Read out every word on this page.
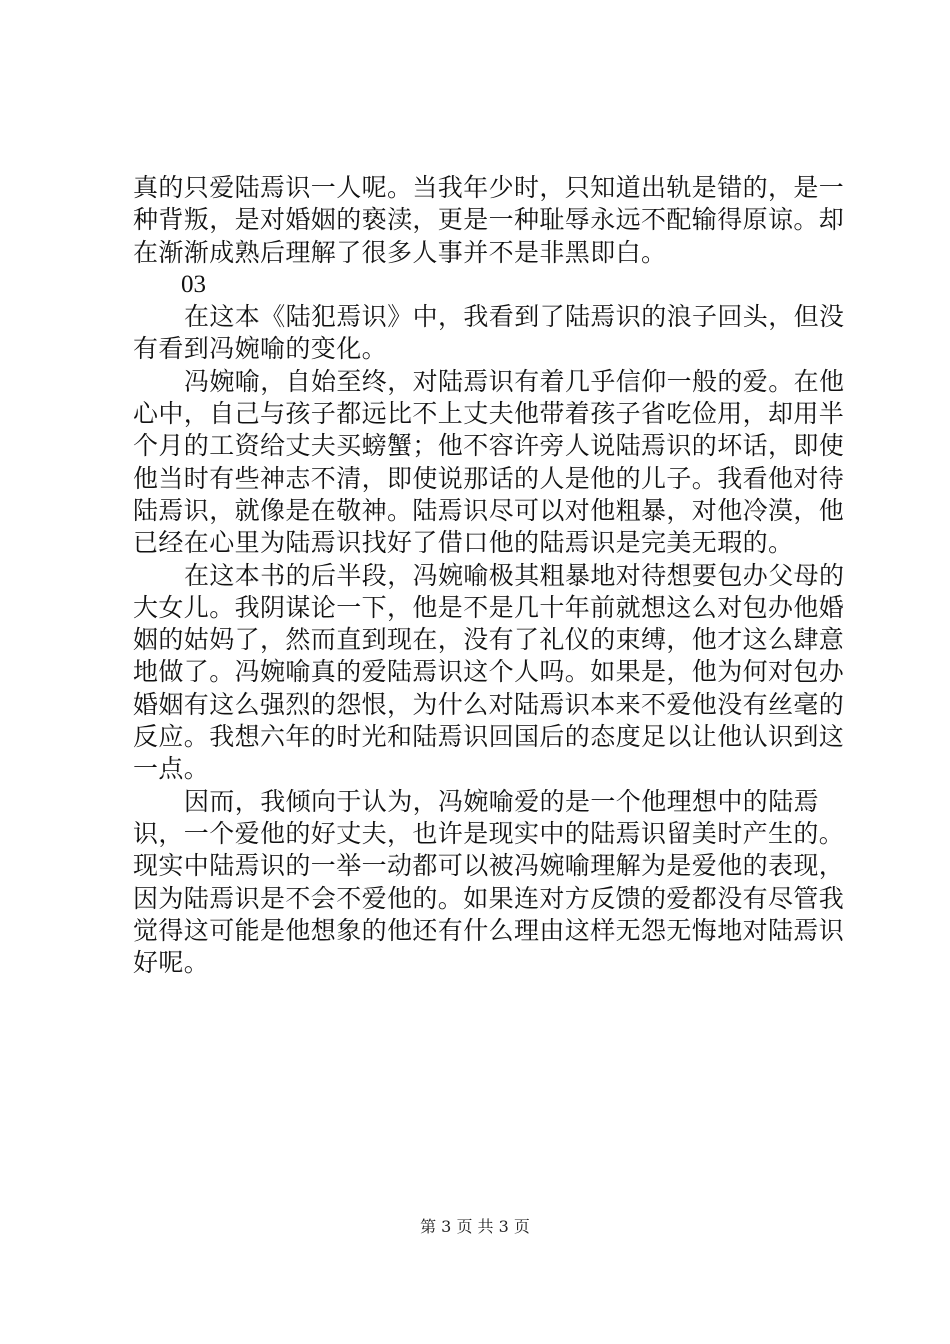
真的只爱陆焉识一人呢。当我年少时，只知道出轨是错的，是一种背叛，是对婚姻的亵渎，更是一种耻辱永远不配输得原谅。却在渐渐成熟后理解了很多人事并不是非黑即白。

03

在这本《陆犯焉识》中，我看到了陆焉识的浪子回头，但没有看到冯婉喻的变化。

冯婉喻，自始至终，对陆焉识有着几乎信仰一般的爱。在他心中，自己与孩子都远比不上丈夫他带着孩子省吃俭用，却用半个月的工资给丈夫买螃蟹；他不容许旁人说陆焉识的坏话，即使他当时有些神志不清，即使说那话的人是他的儿子。我看他对待陆焉识，就像是在敬神。陆焉识尽可以对他粗暴，对他冷漠，他已经在心里为陆焉识找好了借口他的陆焉识是完美无瑕的。

在这本书的后半段，冯婉喻极其粗暴地对待想要包办父母的大女儿。我阴谋论一下，他是不是几十年前就想这么对包办他婚姻的姑妈了，然而直到现在，没有了礼仪的束缚，他才这么肆意地做了。冯婉喻真的爱陆焉识这个人吗。如果是，他为何对包办婚姻有这么强烈的怨恨，为什么对陆焉识本来不爱他没有丝毫的反应。我想六年的时光和陆焉识回国后的态度足以让他认识到这一点。

因而，我倾向于认为，冯婉喻爱的是一个他理想中的陆焉识，一个爱他的好丈夫，也许是现实中的陆焉识留美时产生的。现实中陆焉识的一举一动都可以被冯婉喻理解为是爱他的表现，因为陆焉识是不会不爱他的。如果连对方反馈的爱都没有尽管我觉得这可能是他想象的他还有什么理由这样无怨无悔地对陆焉识好呢。

第 3 页 共 3 页
